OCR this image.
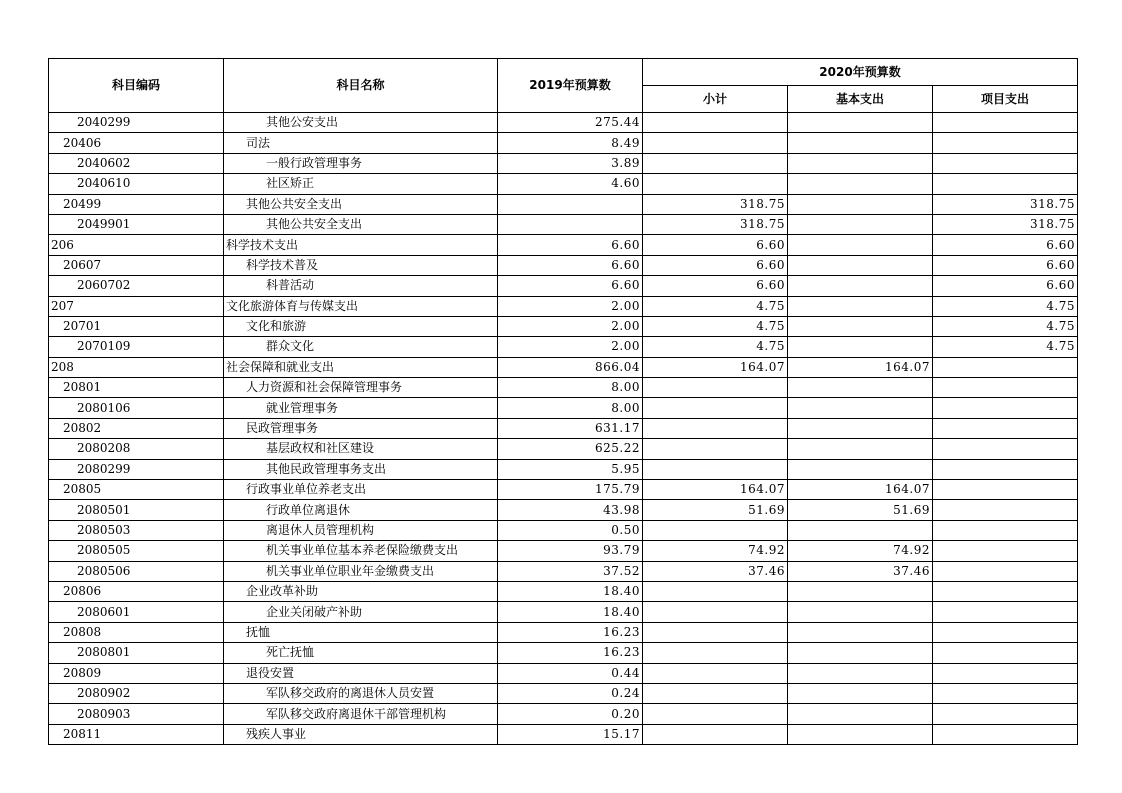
科目编码	科目名称	2019年预算数	2020年预算数		
			小计	基本支出	项目支出
2040299	其他公安支出	275.44			
20406	司法	8.49			
2040602	一般行政管理事务	3.89			
2040610	社区矫正	4.60			
20499	其他公共安全支出		318.75		318.75
2049901	其他公共安全支出		318.75		318.75
206	科学技术支出	6.60	6.60		6.60
20607	科学技术普及	6.60	6.60		6.60
2060702	科普活动	6.60	6.60		6.60
207	文化旅游体育与传媒支出	2.00	4.75		4.75
20701	文化和旅游	2.00	4.75		4.75
2070109	群众文化	2.00	4.75		4.75
208	社会保障和就业支出	866.04	164.07	164.07	
20801	人力资源和社会保障管理事务	8.00			
2080106	就业管理事务	8.00			
20802	民政管理事务	631.17			
2080208	基层政权和社区建设	625.22			
2080299	其他民政管理事务支出	5.95			
20805	行政事业单位养老支出	175.79	164.07	164.07	
2080501	行政单位离退休	43.98	51.69	51.69	
2080503	离退休人员管理机构	0.50			
2080505	机关事业单位基本养老保险缴费支出	93.79	74.92	74.92	
2080506	机关事业单位职业年金缴费支出	37.52	37.46	37.46	
20806	企业改革补助	18.40			
2080601	企业关闭破产补助	18.40			
20808	抚恤	16.23			
2080801	死亡抚恤	16.23			
20809	退役安置	0.44			
2080902	军队移交政府的离退休人员安置	0.24			
2080903	军队移交政府离退休干部管理机构	0.20			
20811	残疾人事业	15.17			
